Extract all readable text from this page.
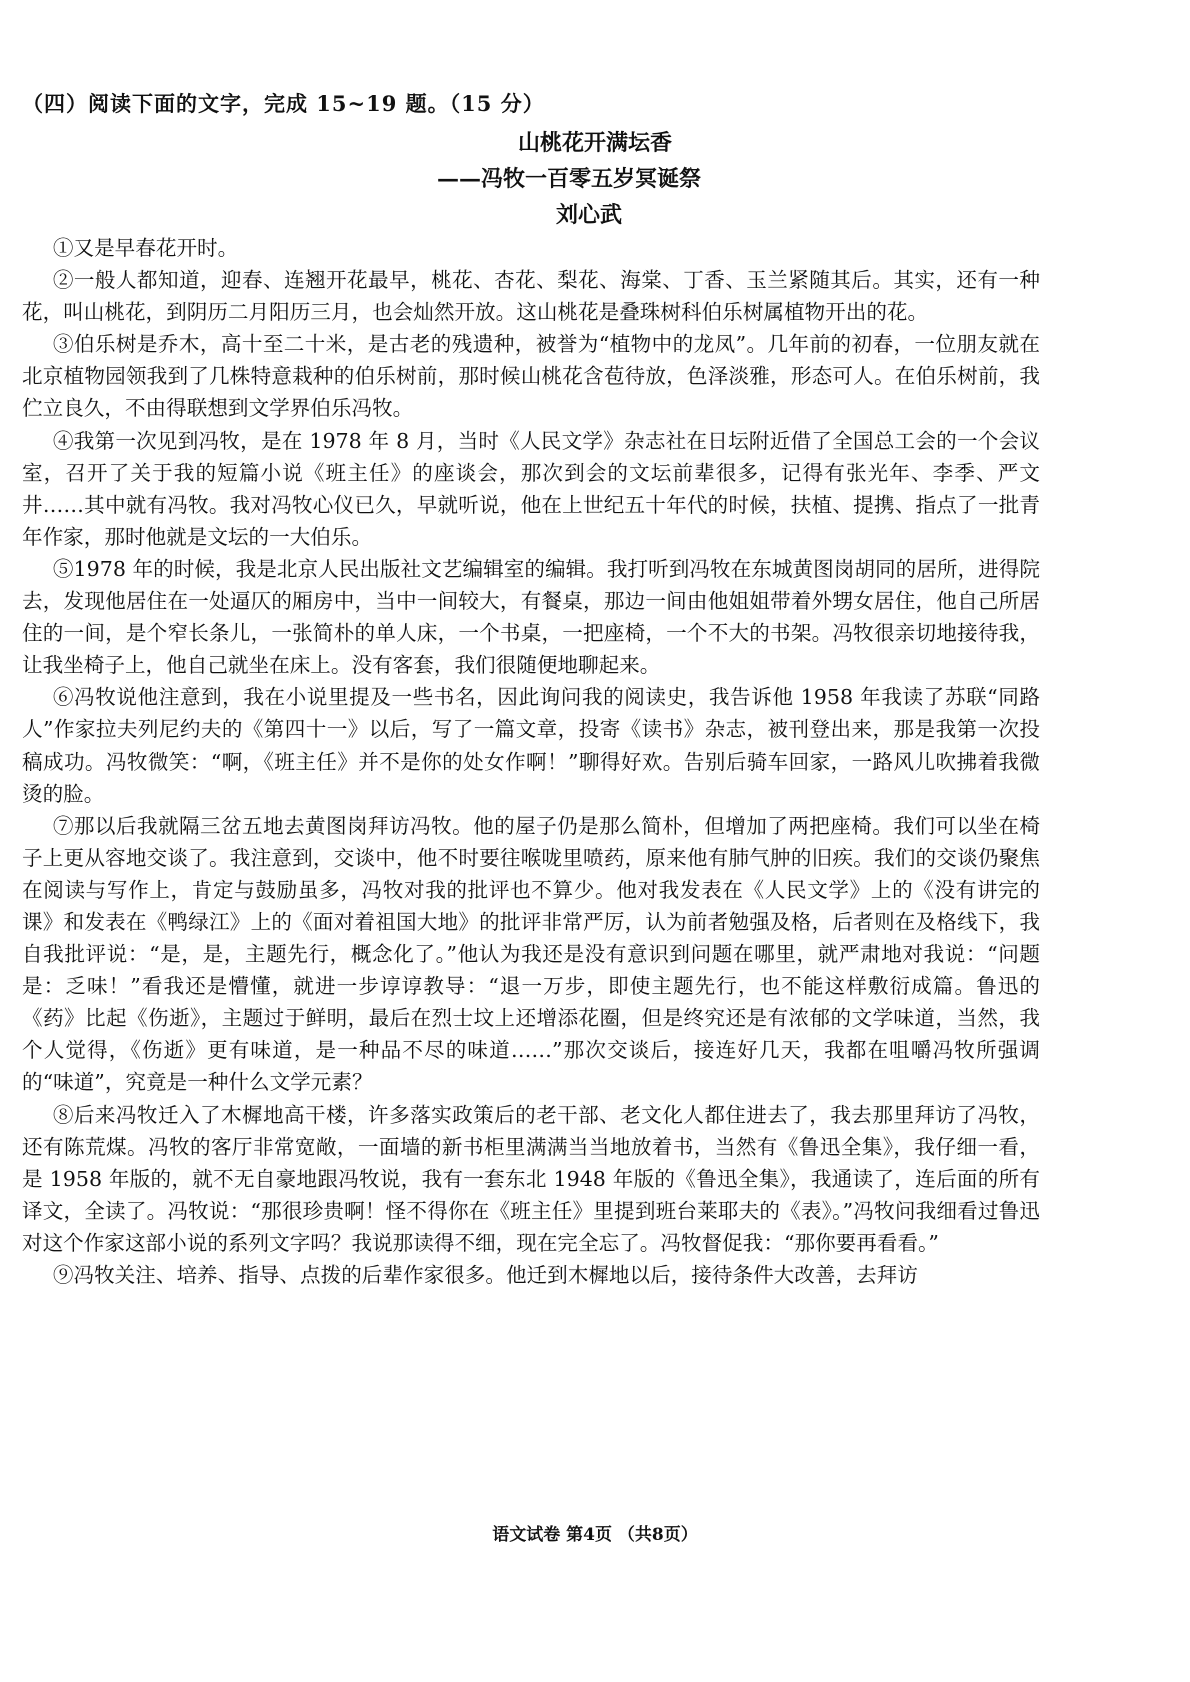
（四）阅读下面的文字，完成 15~19 题。（15 分）
山桃花开满坛香
——冯牧一百零五岁冥诞祭
刘心武

①又是早春花开时。

②一般人都知道，迎春、连翘开花最早，桃花、杏花、梨花、海棠、丁香、玉兰紧随其后。其实，还有一种花，叫山桃花，到阴历二月阳历三月，也会灿然开放。这山桃花是叠珠树科伯乐树属植物开出的花。

③伯乐树是乔木，高十至二十米，是古老的残遗种，被誉为“植物中的龙凤”。几年前的初春，一位朋友就在北京植物园领我到了几株特意栽种的伯乐树前，那时候山桃花含苞待放，色泽淡雅，形态可人。在伯乐树前，我伫立良久，不由得联想到文学界伯乐冯牧。

④我第一次见到冯牧，是在 1978 年 8 月，当时《人民文学》杂志社在日坛附近借了全国总工会的一个会议室，召开了关于我的短篇小说《班主任》的座谈会，那次到会的文坛前辈很多，记得有张光年、李季、严文井……其中就有冯牧。我对冯牧心仪已久，早就听说，他在上世纪五十年代的时候，扶植、提携、指点了一批青年作家，那时他就是文坛的一大伯乐。

⑤1978 年的时候，我是北京人民出版社文艺编辑室的编辑。我打听到冯牧在东城黄图岗胡同的居所，进得院去，发现他居住在一处逼仄的厢房中，当中一间较大，有餐桌，那边一间由他姐姐带着外甥女居住，他自己所居住的一间，是个窄长条儿，一张简朴的单人床，一个书桌，一把座椅，一个不大的书架。冯牧很亲切地接待我，让我坐椅子上，他自己就坐在床上。没有客套，我们很随便地聊起来。

⑥冯牧说他注意到，我在小说里提及一些书名，因此询问我的阅读史，我告诉他 1958 年我读了苏联“同路人”作家拉夫列尼约夫的《第四十一》以后，写了一篇文章，投寄《读书》杂志，被刊登出来，那是我第一次投稿成功。冯牧微笑：“啊，《班主任》并不是你的处女作啊！”聊得好欢。告别后骑车回家，一路风儿吹拂着我微烫的脸。

⑦那以后我就隔三岔五地去黄图岗拜访冯牧。他的屋子仍是那么简朴，但增加了两把座椅。我们可以坐在椅子上更从容地交谈了。我注意到，交谈中，他不时要往喉咙里喷药，原来他有肺气肿的旧疾。我们的交谈仍聚焦在阅读与写作上，肯定与鼓励虽多，冯牧对我的批评也不算少。他对我发表在《人民文学》上的《没有讲完的课》和发表在《鸭绿江》上的《面对着祖国大地》的批评非常严厉，认为前者勉强及格，后者则在及格线下，我自我批评说：“是，是，主题先行，概念化了。”他认为我还是没有意识到问题在哪里，就严肃地对我说：“问题是：乏味！”看我还是懵懂，就进一步谆谆教导：“退一万步，即使主题先行，也不能这样敷衍成篇。鲁迅的《药》比起《伤逝》，主题过于鲜明，最后在烈士坟上还增添花圈，但是终究还是有浓郁的文学味道，当然，我个人觉得，《伤逝》更有味道，是一种品不尽的味道……”那次交谈后，接连好几天，我都在咀嚼冯牧所强调的“味道”，究竟是一种什么文学元素？

⑧后来冯牧迁入了木樨地高干楼，许多落实政策后的老干部、老文化人都住进去了，我去那里拜访了冯牧，还有陈荒煤。冯牧的客厅非常宽敞，一面墙的新书柜里满满当当地放着书，当然有《鲁迅全集》，我仔细一看，是 1958 年版的，就不无自豪地跟冯牧说，我有一套东北 1948 年版的《鲁迅全集》，我通读了，连后面的所有译文，全读了。冯牧说：“那很珍贵啊！怪不得你在《班主任》里提到班台莱耶夫的《表》。”冯牧问我细看过鲁迅对这个作家这部小说的系列文字吗？我说那读得不细，现在完全忘了。冯牧督促我：“那你要再看看。”

⑨冯牧关注、培养、指导、点拨的后辈作家很多。他迁到木樨地以后，接待条件大改善，去拜访

语文试卷 第4页 （共8页）
